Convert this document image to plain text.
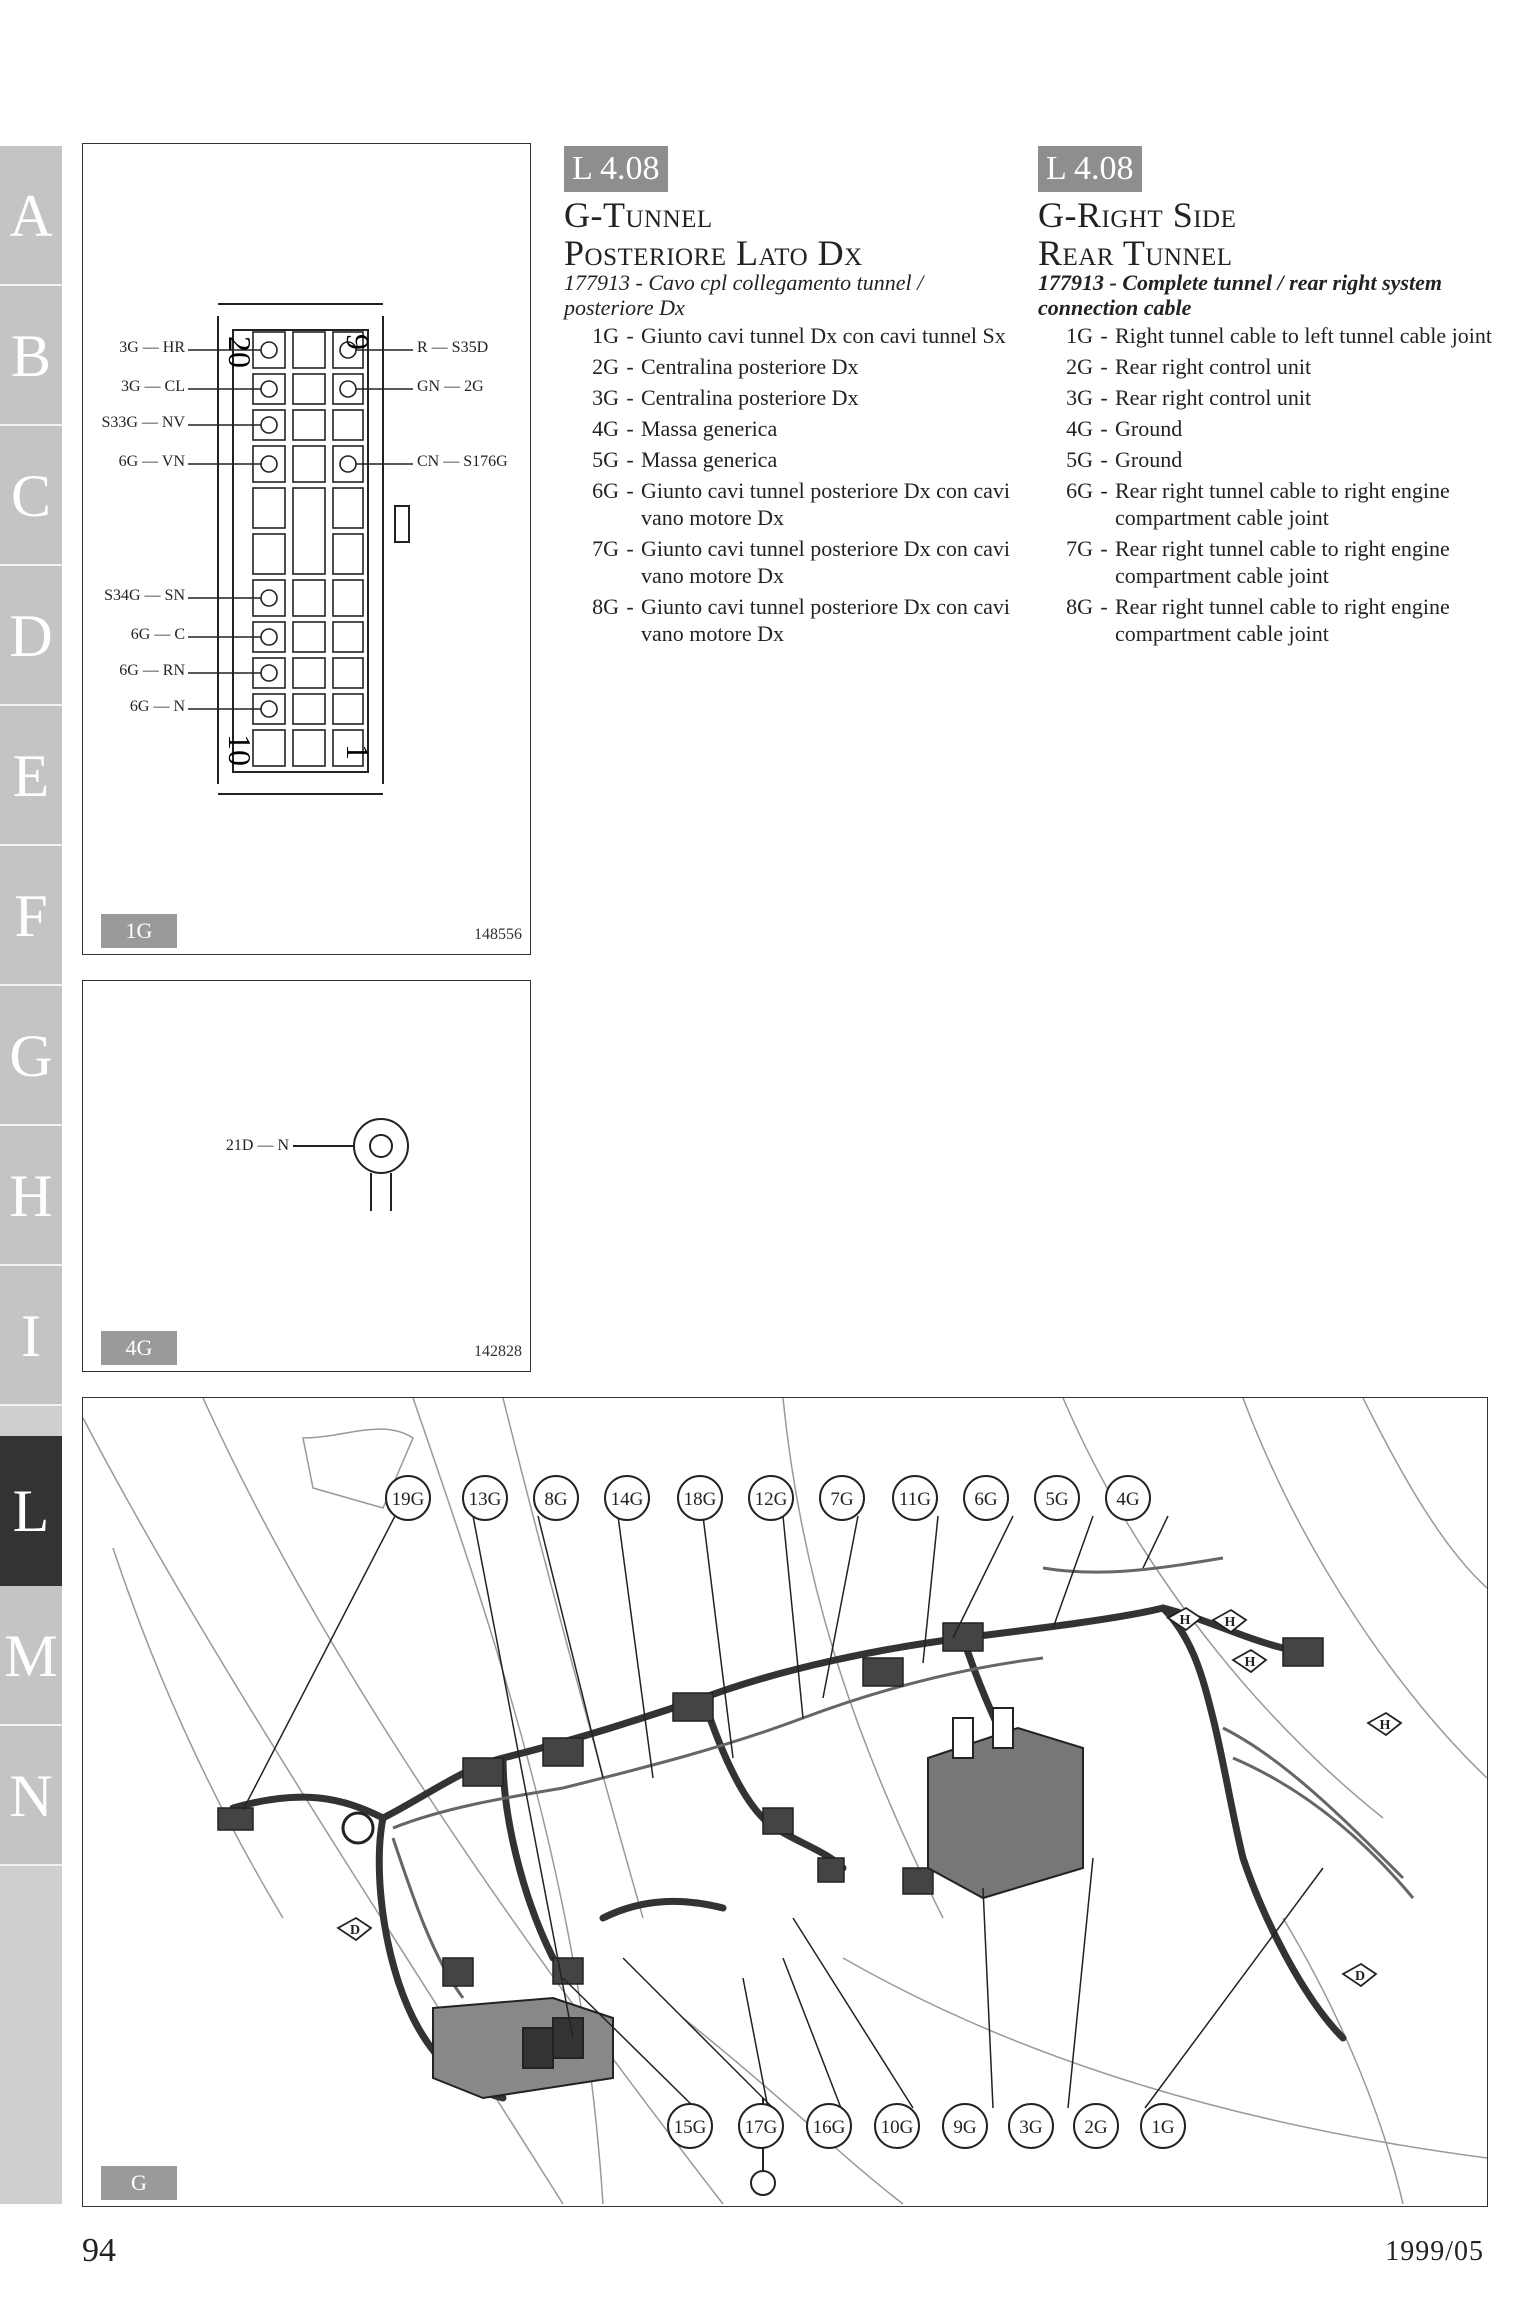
A
B
C
D
E
F
G
H
I
L
M
N
20	9
10	1
3G — HR
3G — CL
S33G — NV
6G — VN
S34G — SN
6G — C
6G — RN
6G — N
R — S35D
GN — 2G
CN — S176G
1G	148556
21D — N
4G	142828
L 4.08
G-Tunnel
Posteriore Lato Dx
177913 - Cavo cpl collegamento tunnel / posteriore Dx
1G - Giunto cavi tunnel Dx con cavi tunnel Sx
2G - Centralina posteriore Dx
3G - Centralina posteriore Dx
4G - Massa generica
5G - Massa generica
6G - Giunto cavi tunnel posteriore Dx con cavi vano motore Dx
7G - Giunto cavi tunnel posteriore Dx con cavi vano motore Dx
8G - Giunto cavi tunnel posteriore Dx con cavi vano motore Dx
L 4.08
G-Right Side
Rear Tunnel
177913 - Complete tunnel / rear right system connection cable
1G - Right tunnel cable to left tunnel cable joint
2G - Rear right control unit
3G - Rear right control unit
4G - Ground
5G - Ground
6G - Rear right tunnel cable to right engine compartment cable joint
7G - Rear right tunnel cable to right engine compartment cable joint
8G - Rear right tunnel cable to right engine compartment cable joint
19G 13G 8G 14G 18G 12G 7G 11G 6G	5G	4G
15G 17G 16G 10G 9G 3G 2G 1G
H H
H
H
D
D
G
94	1999/05
